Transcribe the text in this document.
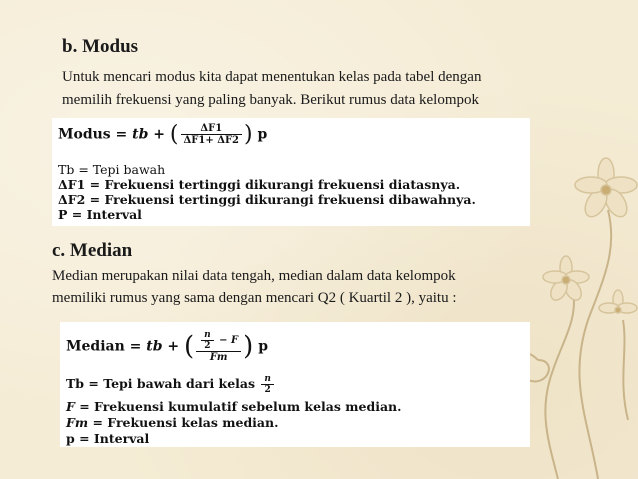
b. Modus
Untuk mencari modus kita dapat menentukan kelas pada tabel dengan
memilih frekuensi yang paling banyak. Berikut rumus data kelompok
Modus = tb + ( $\frac{\Delta F1}{\Delta F1+ \Delta F2}$ ) p
Tb = Tepi bawah
ΔF1 = Frekuensi tertinggi dikurangi frekuensi diatasnya.
ΔF2 = Frekuensi tertinggi dikurangi frekuensi dibawahnya.
P = Interval
c. Median
Median merupakan nilai data tengah, median dalam data kelompok
memiliki rumus yang sama dengan mencari Q2 ( Kuartil 2 ), yaitu :
Median = tb + ( $\frac{\frac{n}{2} - F}{Fm}$ ) p
Tb = Tepi bawah dari kelas $\frac{n}{2}$
F = Frekuensi kumulatif sebelum kelas median.
Fm = Frekuensi kelas median.
p = Interval
